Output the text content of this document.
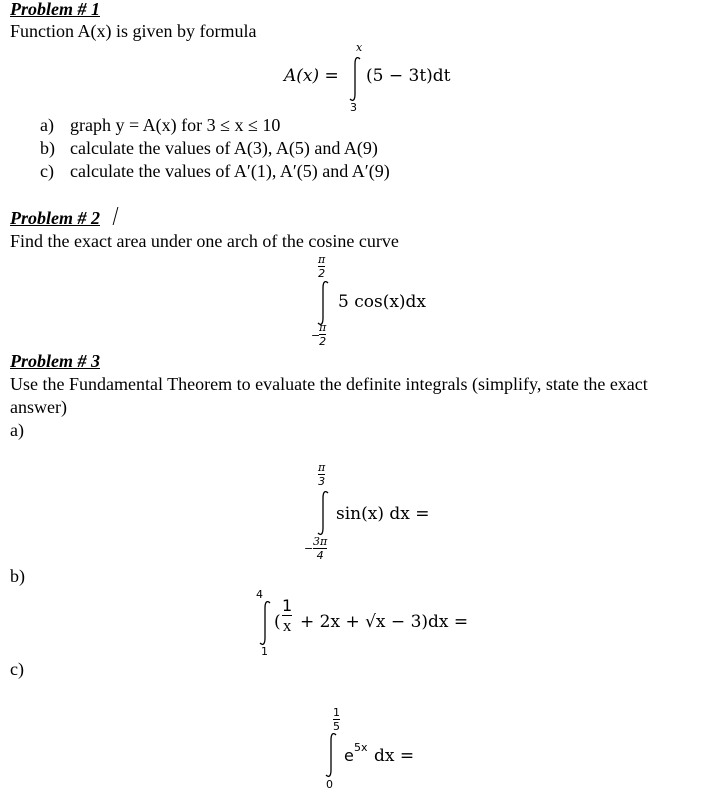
Problem # 1
Function A(x) is given by formula
A(x) =
x
3
(5 − 3t)dt
a) graph y = A(x) for 3 ≤ x ≤ 10
b) calculate the values of A(3), A(5) and A(9)
c) calculate the values of A′(1), A′(5) and A′(9)
Problem # 2
Find the exact area under one arch of the cosine curve
π
2
−
π
2
5 cos(x)dx
Problem # 3
Use the Fundamental Theorem to evaluate the definite integrals (simplify, state the exact
answer)
a)
π
3
−
3π
4
sin(x) dx =
b)
4
1
(
1
x + 2x + √x − 3)dx =
c)
1
5
0
e 5x dx =
